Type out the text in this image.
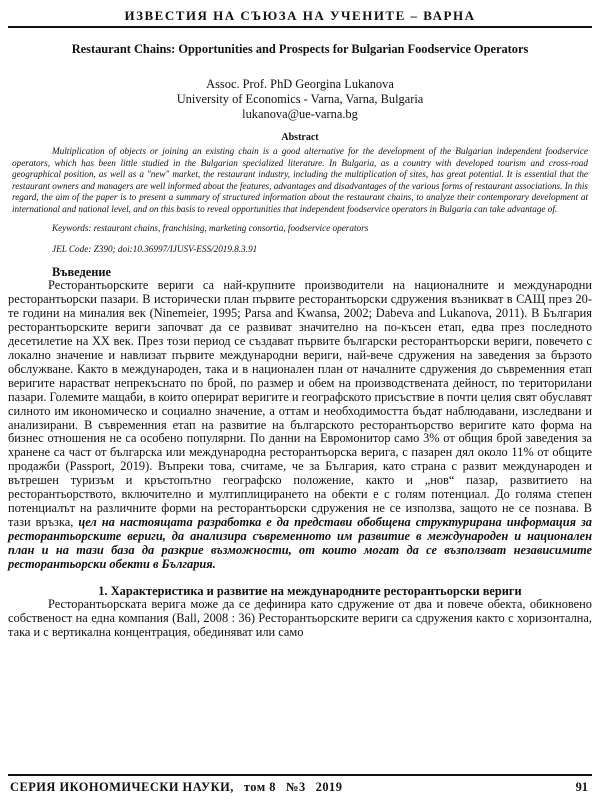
ИЗВЕСТИЯ НА СЪЮЗА НА УЧЕНИТЕ – ВАРНА
Restaurant Chains: Opportunities and Prospects for Bulgarian Foodservice Operators
Assoc. Prof. PhD Georgina Lukanova
University of Economics - Varna, Varna, Bulgaria
lukanova@ue-varna.bg
Abstract
Multiplication of objects or joining an existing chain is a good alternative for the development of the Bulgarian independent foodservice operators, which has been little studied in the Bulgarian specialized literature. In Bulgaria, as a country with developed tourism and cross-road geographical position, as well as a "new" market, the restaurant industry, including the multiplication of sites, has great potential. It is essential that the restaurant owners and managers are well informed about the features, advantages and disadvantages of the various forms of restaurant associations. In this regard, the aim of the paper is to present a summary of structured information about the restaurant chains, to analyze their contemporary development at international and national level, and on this basis to reveal opportunities that independent foodservice operators in Bulgaria can take advantage of.
Keywords: restaurant chains, franchising, marketing consortia, foodservice operators
JEL Code: Z390; doi:10.36997/IJUSV-ESS/2019.8.3.91
Въведение
Ресторантьорските вериги са най-крупните производители на националните и международни ресторантьорски пазари. В исторически план първите ресторантьорски сдружения възникват в САЩ през 20-те години на миналия век (Ninemeier, 1995; Parsa and Kwansa, 2002; Dabeva and Lukanova, 2011). В България ресторантьорските вериги започват да се развиват значително на по-късен етап, едва през последното десетилетие на XX век. През този период се създават първите български ресторантьорски вериги, повечето с локално значение и навлизат първите международни вериги, най-вече сдружения на заведения за бързото обслужване. Както в международен, така и в национален план от началните сдружения до съвременния етап веригите нарастват непрекъснато по брой, по размер и обем на производствената дейност, по територилани пазари. Големите мащаби, в които оперират веригите и географското присъствие в почти целия свят обуславят силното им икономическо и социално значение, а оттам и необходимостта бъдат наблюдавани, изследвани и анализирани. В съвременния етап на развитие на българското ресторантьорство веригите като форма на бизнес отношения не са особено популярни. По данни на Евромонитор само 3% от общия брой заведения за хранене са част от българска или международна ресторантьорска верига, с пазарен дял около 11% от общите продажби (Passport, 2019). Въпреки това, считаме, че за България, като страна с развит международен и вътрешен туризъм и кръстопътно географско положение, както и „нов“ пазар, развитието на ресторантьорството, включително и мултиплицирането на обекти е с голям потенциал. До голяма степен потенциалът на различните форми на ресторантьорски сдружения не се използва, защото не се познава. В тази връзка, цел на настоящата разработка е да представи обобщена структурирана информация за ресторантьорските вериги, да анализира съвременното им развитие в международен и национален план и на тази база да разкрие възможности, от които могат да се възползват независимите ресторантьорски обекти в България.
1. Характеристика и развитие на международните ресторантьорски вериги
Ресторантьорската верига може да се дефинира като сдружение от два и повече обекта, обикновено собственост на една компания (Ball, 2008 : 36) Ресторантьорските вериги са сдружения както с хоризонтална, така и с вертикална концентрация, обединяват или само
СЕРИЯ ИКОНОМИЧЕСКИ НАУКИ, том 8 №3 2019	91
